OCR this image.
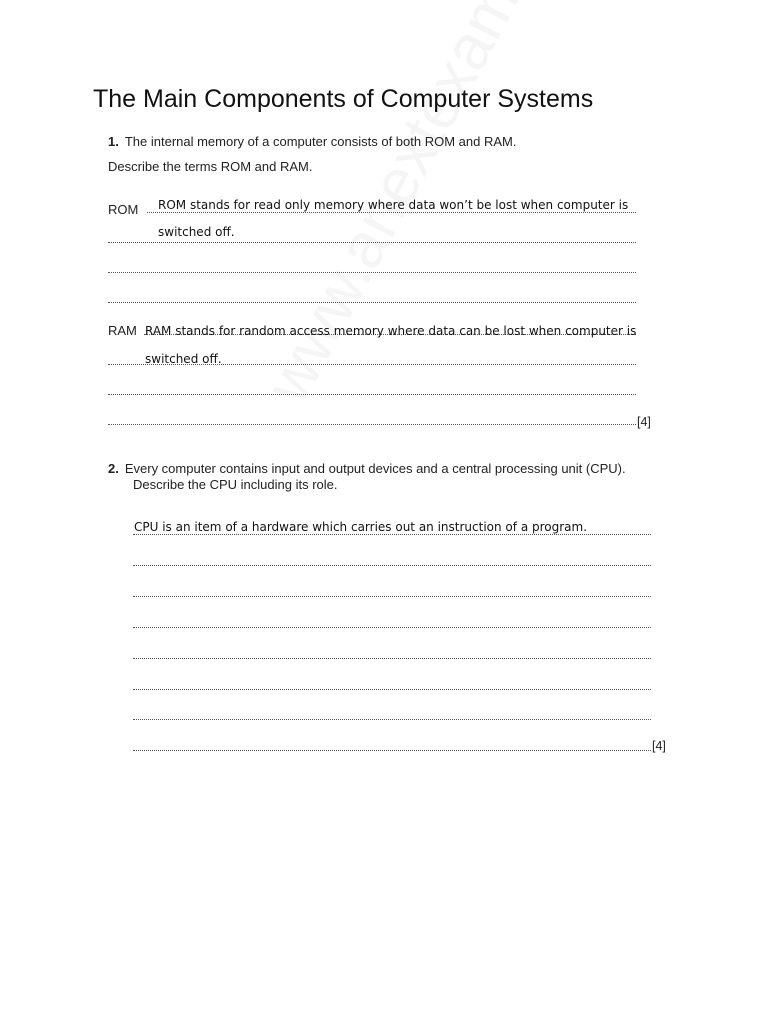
The Main Components of Computer Systems
1. The internal memory of a computer consists of both ROM and RAM.
Describe the terms ROM and RAM.
ROM ROM stands for read only memory where data won’t be lost when computer is
switched off.
RAM RAM stands for random access memory where data can be lost when computer is
switched off.
[4]
2. Every computer contains input and output devices and a central processing unit (CPU).
Describe the CPU including its role.
CPU is an item of a hardware which carries out an instruction of a program.
[4]
